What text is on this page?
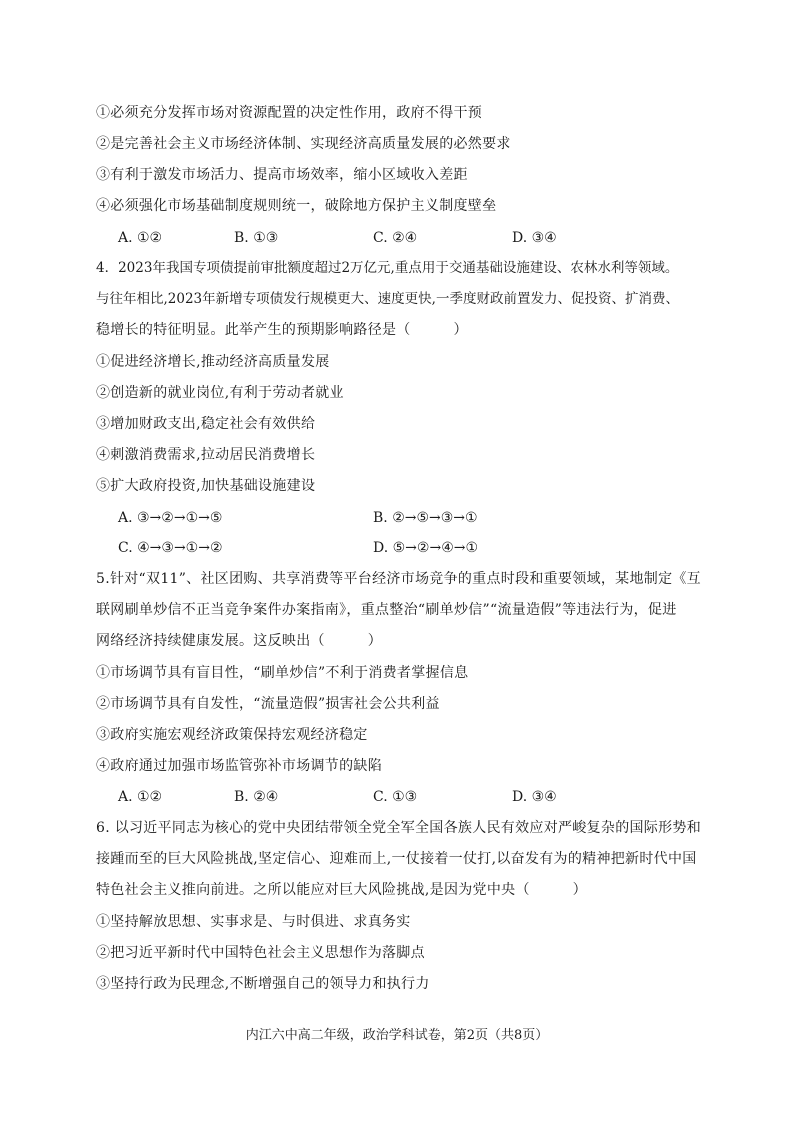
①必须充分发挥市场对资源配置的决定性作用，政府不得干预
②是完善社会主义市场经济体制、实现经济高质量发展的必然要求
③有利于激发市场活力、提高市场效率，缩小区域收入差距
④必须强化市场基础制度规则统一，破除地方保护主义制度壁垒
A. ①②	B. ①③	C. ②④	D. ③④
4．2023年我国专项债提前审批额度超过2万亿元,重点用于交通基础设施建设、农林水利等领域。
与往年相比,2023年新增专项债发行规模更大、速度更快,一季度财政前置发力、促投资、扩消费、
稳增长的特征明显。此举产生的预期影响路径是（　　　）
①促进经济增长,推动经济高质量发展
②创造新的就业岗位,有利于劳动者就业
③增加财政支出,稳定社会有效供给
④刺激消费需求,拉动居民消费增长
⑤扩大政府投资,加快基础设施建设
A. ③→②→①→⑤	B. ②→⑤→③→①
C. ④→③→①→②	D. ⑤→②→④→①
5.针对“双11”、社区团购、共享消费等平台经济市场竞争的重点时段和重要领域，某地制定《互
联网刷单炒信不正当竞争案件办案指南》，重点整治“刷单炒信”“流量造假”等违法行为，促进
网络经济持续健康发展。这反映出（　　　）
①市场调节具有盲目性，“刷单炒信”不利于消费者掌握信息
②市场调节具有自发性，“流量造假”损害社会公共利益
③政府实施宏观经济政策保持宏观经济稳定
④政府通过加强市场监管弥补市场调节的缺陷
A. ①②	B. ②④	C. ①③	D. ③④
6. 以习近平同志为核心的党中央团结带领全党全军全国各族人民有效应对严峻复杂的国际形势和
接踵而至的巨大风险挑战,坚定信心、迎难而上,一仗接着一仗打,以奋发有为的精神把新时代中国
特色社会主义推向前进。之所以能应对巨大风险挑战,是因为党中央（　　　）
①坚持解放思想、实事求是、与时俱进、求真务实
②把习近平新时代中国特色社会主义思想作为落脚点
③坚持行政为民理念,不断增强自己的领导力和执行力
内江六中高二年级，政治学科试卷，第2页（共8页）
